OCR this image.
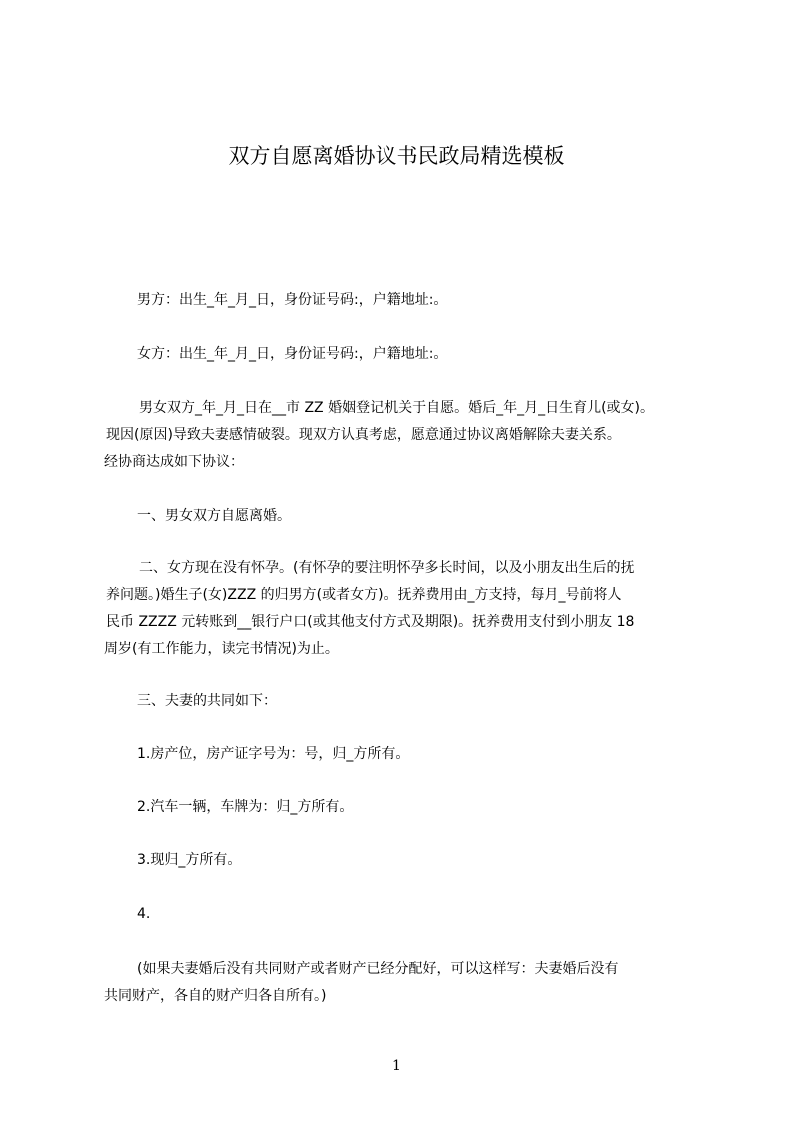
双方自愿离婚协议书民政局精选模板
男方：出生_年_月_日，身份证号码:，户籍地址:。
女方：出生_年_月_日，身份证号码:，户籍地址:。
男女双方_年_月_日在__市 ZZ 婚姻登记机关于自愿。婚后_年_月_日生育儿(或女)。
现因(原因)导致夫妻感情破裂。现双方认真考虑，愿意通过协议离婚解除夫妻关系。
经协商达成如下协议：
一、男女双方自愿离婚。
二、女方现在没有怀孕。(有怀孕的要注明怀孕多长时间，以及小朋友出生后的抚
养问题。)婚生子(女)ZZZ 的归男方(或者女方)。抚养费用由_方支持，每月_号前将人
民币 ZZZZ 元转账到__银行户口(或其他支付方式及期限)。抚养费用支付到小朋友 18
周岁(有工作能力，读完书情况)为止。
三、夫妻的共同如下：
1.房产位，房产证字号为：号，归_方所有。
2.汽车一辆，车牌为：归_方所有。
3.现归_方所有。
4.
(如果夫妻婚后没有共同财产或者财产已经分配好，可以这样写：夫妻婚后没有
共同财产，各自的财产归各自所有。)
1
